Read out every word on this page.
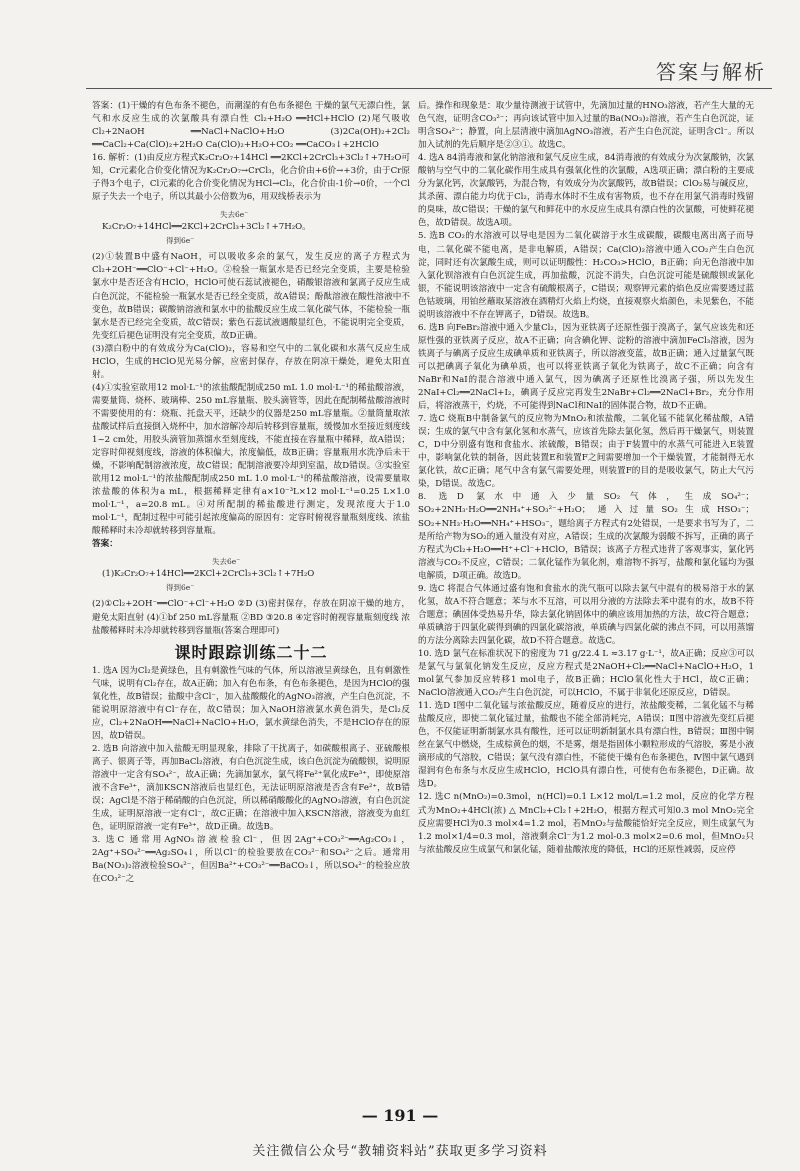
答案与解析

答案：(1)干燥的有色布条不褪色，而潮湿的有色布条褪色 干燥的氯气无漂白性，氯气和水反应生成的次氯酸具有漂白性 Cl₂+H₂O ══HCl+HClO (2)尾气吸收 Cl₂+2NaOH ══NaCl+NaClO+H₂O (3)2Ca(OH)₂+2Cl₂ ══CaCl₂+Ca(ClO)₂+2H₂O Ca(ClO)₂+H₂O+CO₂ ══CaCO₃↓+2HClO

16. 解析：(1)由反应方程式K₂Cr₂O₇+14HCl ══2KCl+2CrCl₃+3Cl₂↑+7H₂O可知，Cr元素化合价变化情况为K₂Cr₂O₇→CrCl₃，化合价由+6价→+3价，由于Cr原子得3个电子，Cl元素的化合价变化情况为HCl→Cl₂，化合价由-1价→0价，一个Cl原子失去一个电子，所以其最小公倍数为6，用双线桥表示为

失去6e⁻
K₂Cr₂O₇+14HCl══2KCl+2CrCl₃+3Cl₂↑+7H₂O。
得到6e⁻

(2)①装置B中盛有NaOH，可以吸收多余的氯气，发生反应的离子方程式为Cl₂+2OH⁻══ClO⁻+Cl⁻+H₂O。②检验一瓶氯水是否已经完全变质，主要是检验氯水中是否还含有HClO，HClO可使石蕊试液褪色，硝酸银溶液和氯离子反应生成白色沉淀，不能检验一瓶氯水是否已经全变质，故A错误；酚酞溶液在酸性溶液中不变色，故B错误；碳酸钠溶液和氯水中的盐酸反应生成二氧化碳气体，不能检验一瓶氯水是否已经完全变质，故C错误；紫色石蕊试液遇酸显红色，不能说明完全变质，先变红后褪色证明没有完全变质，故D正确。

(3)漂白粉中的有效成分为Ca(ClO)₂，容易和空气中的二氧化碳和水蒸气反应生成HClO，生成的HClO见光易分解，应密封保存，存放在阴凉干燥处，避免太阳直射。

(4)①实验室欲用12 mol·L⁻¹的浓盐酸配制成250 mL 1.0 mol·L⁻¹的稀盐酸溶液，需要量筒、烧杯、玻璃棒、250 mL容量瓶、胶头滴管等，因此在配制稀盐酸溶液时不需要使用的有：烧瓶、托盘天平，还缺少的仪器是250 mL容量瓶。②量筒量取浓盐酸试样后直接倒入烧杯中，加水溶解冷却后转移到容量瓶，缓慢加水至接近刻度线1~2 cm处，用胶头滴管加蒸馏水至刻度线，不能直接在容量瓶中稀释，故A错误；定容时仰视刻度线，溶液的体积偏大，浓度偏低，故B正确；容量瓶用水洗净后未干燥，不影响配制溶液浓度，故C错误；配制溶液要冷却到室温，故D错误。③实验室欲用12 mol·L⁻¹的浓盐酸配制成250 mL 1.0 mol·L⁻¹的稀盐酸溶液，设需要量取浓盐酸的体积为a mL，根据稀释定律有a×10⁻³L×12 mol·L⁻¹=0.25 L×1.0 mol·L⁻¹，a=20.8 mL。④对所配制的稀盐酸进行测定，发现浓度大于1.0 mol·L⁻¹，配制过程中可能引起浓度偏高的原因有：定容时俯视容量瓶刻度线、浓盐酸稀释时未冷却就转移到容量瓶。

答案：

失去6e⁻
(1)K₂Cr₂O₇+14HCl══2KCl+2CrCl₃+3Cl₂↑+7H₂O
得到6e⁻

(2)①Cl₂+2OH⁻══ClO⁻+Cl⁻+H₂O ②D (3)密封保存，存放在阴凉干燥的地方，避免太阳直射 (4)①bf 250 mL容量瓶 ②BD ③20.8 ④定容时俯视容量瓶刻度线 浓盐酸稀释时未冷却就转移到容量瓶(答案合理即可)

课时跟踪训练二十二

1. 选A 因为Cl₂是黄绿色，且有刺激性气味的气体，所以溶液呈黄绿色，且有刺激性气味，说明有Cl₂存在，故A正确；加入有色布条，有色布条褪色，是因为HClO的强氧化性，故B错误；盐酸中含Cl⁻，加入盐酸酸化的AgNO₃溶液，产生白色沉淀，不能说明原溶液中有Cl⁻存在，故C错误；加入NaOH溶液氯水黄色消失，是Cl₂反应，Cl₂+2NaOH══NaCl+NaClO+H₂O，氯水黄绿色消失，不是HClO存在的原因，故D错误。

2. 选B 向溶液中加入盐酸无明显现象，排除了干扰离子，如碳酸根离子、亚硫酸根离子、银离子等，再加BaCl₂溶液，有白色沉淀生成，该白色沉淀为硫酸钡，说明原溶液中一定含有SO₄²⁻，故A正确；先滴加氯水，氯气将Fe²⁺氧化成Fe³⁺，即使原溶液不含Fe³⁺，滴加KSCN溶液后也显红色，无法证明原溶液是否含有Fe²⁺，故B错误；AgCl是不溶于稀硝酸的白色沉淀，所以稀硝酸酸化的AgNO₃溶液，有白色沉淀生成，证明原溶液一定有Cl⁻，故C正确；在溶液中加入KSCN溶液，溶液变为血红色，证明原溶液一定有Fe³⁺，故D正确。故选B。

3. 选C 通常用AgNO₃溶液检验Cl⁻，但因2Ag⁺+CO₃²⁻══Ag₂CO₃↓，2Ag⁺+SO₄²⁻══Ag₂SO₄↓，所以Cl⁻的检验要放在CO₃²⁻和SO₄²⁻之后。通常用Ba(NO₃)₂溶液检验SO₄²⁻，但因Ba²⁺+CO₃²⁻══BaCO₃↓，所以SO₄²⁻的检验应放在CO₃²⁻之

后。操作和现象是：取少量待测液于试管中，先滴加过量的HNO₃溶液，若产生大量的无色气泡，证明含CO₃²⁻；再向该试管中加入过量的Ba(NO₃)₂溶液，若产生白色沉淀，证明含SO₄²⁻；静置，向上层清液中滴加AgNO₃溶液，若产生白色沉淀，证明含Cl⁻。所以加入试剂的先后顺序是②③①。故选C。

4. 选A 84消毒液和氯化钠溶液和氯气反应生成，84消毒液的有效成分为次氯酸钠，次氯酸钠与空气中的二氧化碳作用生成具有强氧化性的次氯酸，A选项正确；漂白粉的主要成分为氯化钙，次氯酸钙，为混合物，有效成分为次氯酸钙，故B错误；ClO₂易与碱反应，其杀菌、漂白能力均优于Cl₂，消毒水体时不生成有害物质，也不存在用氯气消毒时残留的臭味，故C错误；干燥的氯气和鲜花中的水反应生成具有漂白性的次氯酸，可使鲜花褪色，故D错误。故选A项。

5. 选B CO₂的水溶液可以导电是因为二氧化碳溶于水生成碳酸，碳酸电离出离子而导电，二氧化碳不能电离，是非电解质，A错误；Ca(ClO)₂溶液中通入CO₂产生白色沉淀，同时还有次氯酸生成，则可以证明酸性：H₂CO₃>HClO，B正确；向无色溶液中加入氯化钡溶液有白色沉淀生成，再加盐酸，沉淀不消失，白色沉淀可能是硫酸钡或氯化银，不能说明该溶液中一定含有硫酸根离子，C错误；观察钾元素的焰色反应需要透过蓝色钴玻璃，用铂丝蘸取某溶液在酒精灯火焰上灼烧，直接观察火焰颜色，未见紫色，不能说明该溶液中不存在钾离子，D错误。故选B。

6. 选B 向FeBr₂溶液中通入少量Cl₂，因为亚铁离子还原性强于溴离子，氯气应该先和还原性强的亚铁离子反应，故A不正确；向含碘化钾、淀粉的溶液中滴加FeCl₃溶液，因为铁离子与碘离子反应生成碘单质和亚铁离子，所以溶液变蓝，故B正确；通入过量氯气既可以把碘离子氧化为碘单质，也可以将亚铁离子氧化为铁离子，故C不正确；向含有NaBr和NaI的混合溶液中通入氯气，因为碘离子还原性比溴离子强，所以先发生2NaI+Cl₂══2NaCl+I₂，碘离子反应完再发生2NaBr+Cl₂══2NaCl+Br₂，充分作用后，将溶液蒸干，灼烧，不可能得到NaCl和NaI的固体混合物，故D不正确。

7. 选C 烧瓶B中制备氯气的反应物为MnO₂和浓盐酸，二氧化锰不能氧化稀盐酸，A错误；生成的氯气中含有氯化氢和水蒸气，应该首先除去氯化氢，然后再干燥氯气，则装置C，D中分别盛有饱和食盐水、浓硫酸，B错误；由于F装置中的水蒸气可能进入E装置中，影响氯化铁的制备，因此装置E和装置F之间需要增加一个干燥装置，才能制得无水氯化铁，故C正确；尾气中含有氯气需要处理，则装置F的目的是吸收氯气，防止大气污染，D错误。故选C。

8. 选D 氯水中通入少量SO₂气体，生成SO₄²⁻；SO₂+2NH₃·H₂O══2NH₄⁺+SO₃²⁻+H₂O；通入过量SO₂生成HSO₃⁻；SO₂+NH₃·H₂O══NH₄⁺+HSO₃⁻，题给离子方程式有2处错误，一是要求书写为了，二是所给产物为SO₂的通入量没有对应，A错误；生成的次氯酸为弱酸不拆写，正确的离子方程式为Cl₂+H₂O══H⁺+Cl⁻+HClO，B错误；该离子方程式违背了客观事实，氯化钙溶液与CO₂不反应，C错误；二氧化锰作为氧化剂，难溶物不拆写，盐酸和氯化锰均为强电解质，D项正确。故选D。

9. 选C 将混合气体通过盛有饱和食盐水的洗气瓶可以除去氯气中混有的极易溶于水的氯化氢，故A不符合题意；苯与水不互溶，可以用分液的方法除去苯中混有的水，故B不符合题意；碘固体受热易升华，除去氯化钠固体中的碘应该用加热的方法，故C符合题意；单质碘溶于四氯化碳得到碘的四氯化碳溶液，单质碘与四氯化碳的沸点不同，可以用蒸馏的方法分离除去四氯化碳，故D不符合题意。故选C。

10. 选D 氯气在标准状况下的密度为 71 g/22.4 L ≈3.17 g·L⁻¹，故A正确；反应③可以是氯气与氯氧化钠发生反应，反应方程式是2NaOH+Cl₂══NaCl+NaClO+H₂O，1 mol氯气参加反应转移1 mol电子，故B正确；HClO氧化性大于HCl，故C正确；NaClO溶液通入CO₂产生白色沉淀，可以HClO，不属于非氧化还原反应，D错误。

11. 选D Ⅰ图中二氧化锰与浓盐酸反应，随着反应的进行，浓盐酸变稀，二氧化锰不与稀盐酸反应，即使二氧化锰过量，盐酸也不能全部消耗完，A错误；Ⅱ图中溶液先变红后褪色，不仅能证明新制氯水具有酸性，还可以证明新制氯水具有漂白性，B错误；Ⅲ图中铜丝在氯气中燃烧，生成棕黄色的烟，不是雾，烟是指固体小颗粒形成的气溶胶，雾是小液滴形成的气溶胶，C错误；氯气没有漂白性，不能使干燥有色布条褪色，Ⅳ图中氯气遇到湿润有色布条与水反应生成HClO，HClO具有漂白性，可使有色布条褪色，D正确。故选D。

12. 选C n(MnO₂)=0.3mol，n(HCl)=0.1 L×12 mol/L=1.2 mol，反应的化学方程式为MnO₂+4HCl(浓) △ MnCl₂+Cl₂↑+2H₂O，根据方程式可知0.3 mol MnO₂完全反应需要HCl为0.3 mol×4=1.2 mol，若MnO₂与盐酸能恰好完全反应，则生成氯气为1.2 mol×1/4=0.3 mol，溶液剩余Cl⁻为1.2 mol-0.3 mol×2=0.6 mol，但MnO₂只与浓盐酸反应生成氯气和氯化锰，随着盐酸浓度的降低，HCl的还原性减弱，反应停

— 191 —
关注微信公众号“教辅资料站”获取更多学习资料
